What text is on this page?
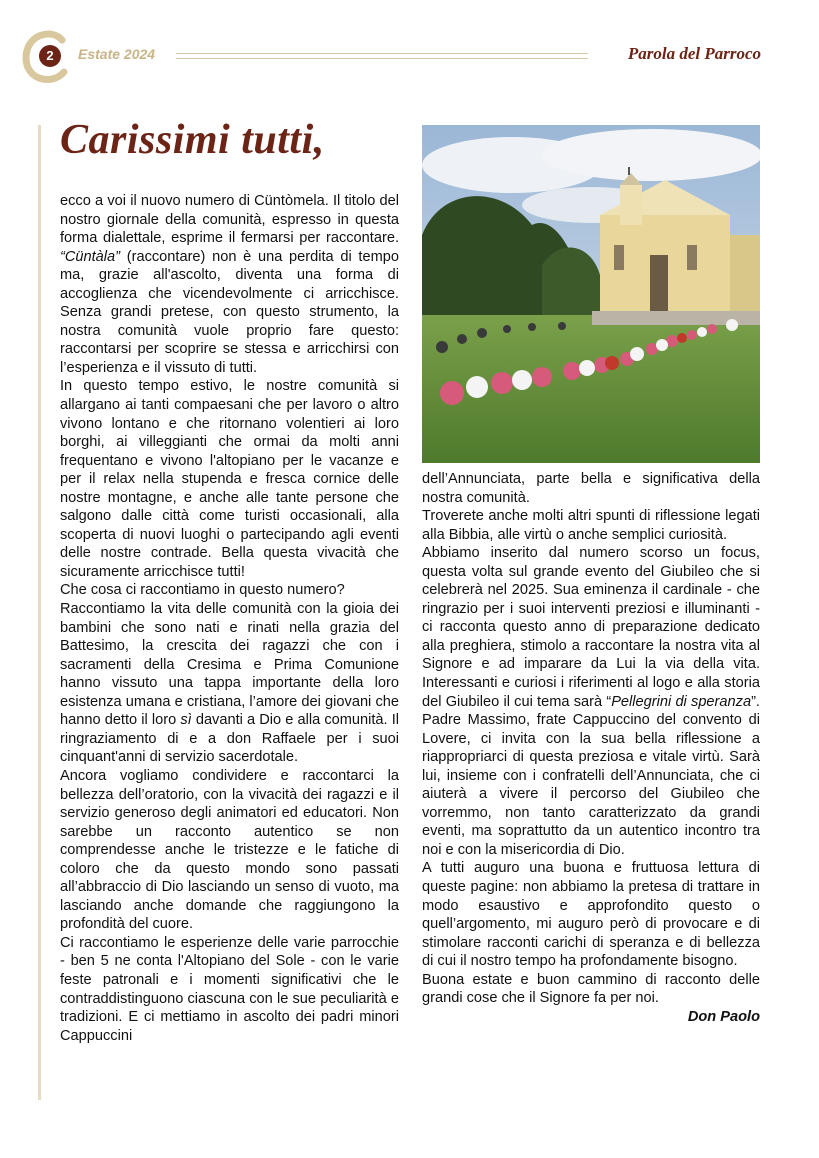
2	Estate 2024	Parola del Parroco
Carissimi tutti,

ecco a voi il nuovo numero di Cüntòmela. Il titolo del nostro giornale della comunità, espresso in questa forma dialettale, esprime il fermarsi per raccontare. “Cüntàla” (raccontare) non è una perdita di tempo ma, grazie all'ascolto, diventa una forma di accoglienza che vicendevolmente ci arricchisce. Senza grandi pretese, con questo strumento, la nostra comunità vuole proprio fare questo: raccontarsi per scoprire se stessa e arricchirsi con l’esperienza e il vissuto di tutti.

In questo tempo estivo, le nostre comunità si allargano ai tanti compaesani che per lavoro o altro vivono lontano e che ritornano volentieri ai loro borghi, ai villeggianti che ormai da molti anni frequentano e vivono l'altopiano per le vacanze e per il relax nella stupenda e fresca cornice delle nostre montagne, e anche alle tante persone che salgono dalle città come turisti occasionali, alla scoperta di nuovi luoghi o partecipando agli eventi delle nostre contrade. Bella questa vivacità che sicuramente arricchisce tutti!

Che cosa ci raccontiamo in questo numero?

Raccontiamo la vita delle comunità con la gioia dei bambini che sono nati e rinati nella grazia del Battesimo, la crescita dei ragazzi che con i sacramenti della Cresima e Prima Comunione hanno vissuto una tappa importante della loro esistenza umana e cristiana, l’amore dei giovani che hanno detto il loro sì davanti a Dio e alla comunità. Il ringraziamento di e a don Raffaele per i suoi cinquant'anni di servizio sacerdotale.

Ancora vogliamo condividere e raccontarci la bellezza dell’oratorio, con la vivacità dei ragazzi e il servizio generoso degli animatori ed educatori. Non sarebbe un racconto autentico se non comprendesse anche le tristezze e le fatiche di coloro che da questo mondo sono passati all’abbraccio di Dio lasciando un senso di vuoto, ma lasciando anche domande che raggiungono la profondità del cuore.

Ci raccontiamo le esperienze delle varie parrocchie - ben 5 ne conta l'Altopiano del Sole - con le varie feste patronali e i momenti significativi che le contraddistinguono ciascuna con le sue peculiarità e tradizioni. E ci mettiamo in ascolto dei padri minori Cappuccini

dell’Annunciata, parte bella e significativa della nostra comunità.

Troverete anche molti altri spunti di riflessione legati alla Bibbia, alle virtù o anche semplici curiosità.

Abbiamo inserito dal numero scorso un focus, questa volta sul grande evento del Giubileo che si celebrerà nel 2025. Sua eminenza il cardinale - che ringrazio per i suoi interventi preziosi e illuminanti - ci racconta questo anno di preparazione dedicato alla preghiera, stimolo a raccontare la nostra vita al Signore e ad imparare da Lui la via della vita. Interessanti e curiosi i riferimenti al logo e alla storia del Giubileo il cui tema sarà “Pellegrini di speranza”. Padre Massimo, frate Cappuccino del convento di Lovere, ci invita con la sua bella riflessione a riappropriarci di questa preziosa e vitale virtù. Sarà lui, insieme con i confratelli dell’Annunciata, che ci aiuterà a vivere il percorso del Giubileo che vorremmo, non tanto caratterizzato da grandi eventi, ma soprattutto da un autentico incontro tra noi e con la misericordia di Dio.

A tutti auguro una buona e fruttuosa lettura di queste pagine: non abbiamo la pretesa di trattare in modo esaustivo e approfondito questo o quell’argomento, mi auguro però di provocare e di stimolare racconti carichi di speranza e di bellezza di cui il nostro tempo ha profondamente bisogno.

Buona estate e buon cammino di racconto delle grandi cose che il Signore fa per noi.

Don Paolo
